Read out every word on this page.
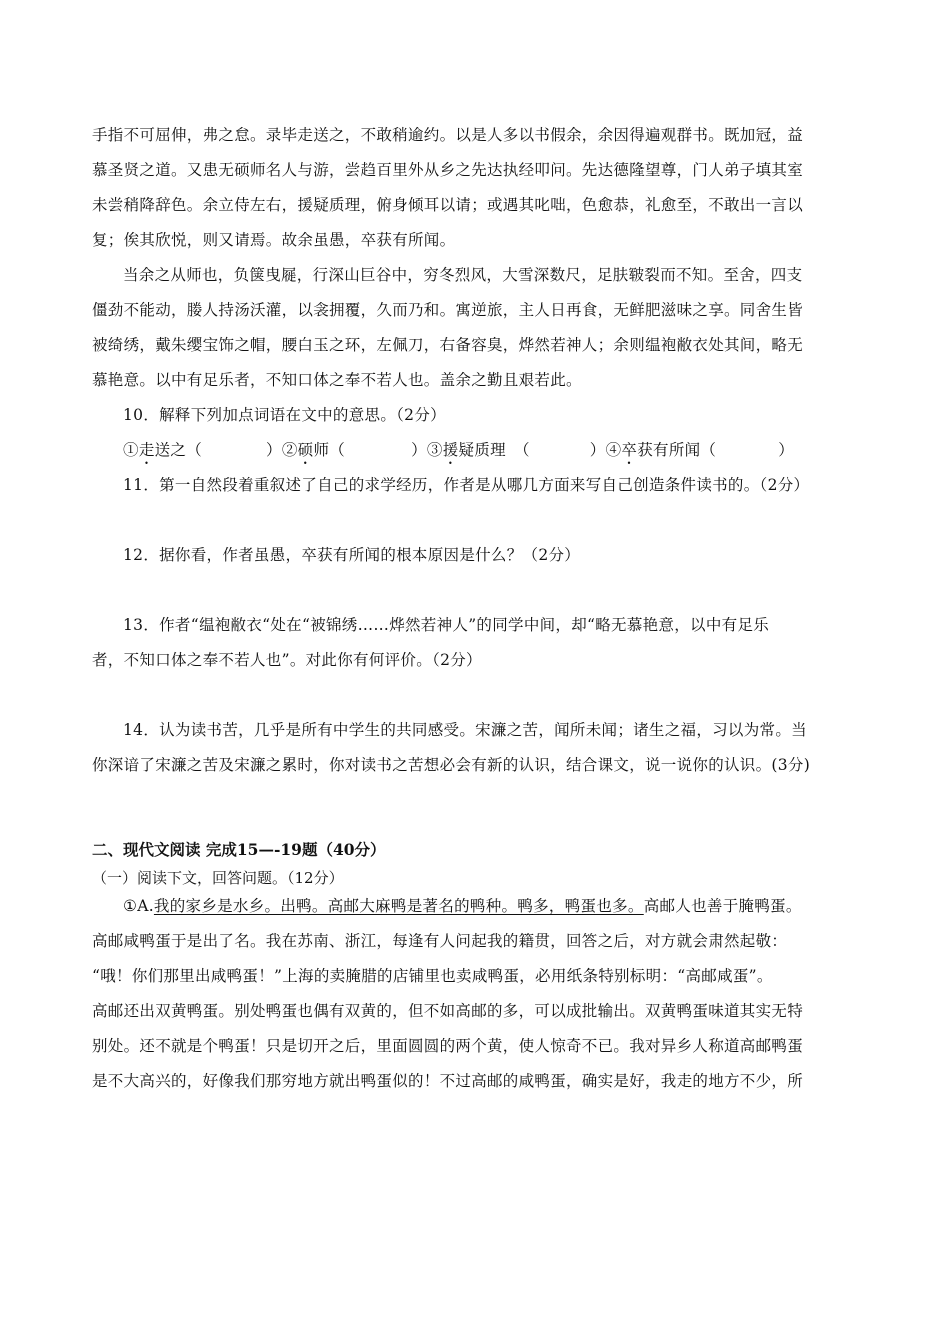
手指不可屈伸，弗之怠。录毕走送之，不敢稍逾约。以是人多以书假余，余因得遍观群书。既加冠，益
慕圣贤之道。又患无硕师名人与游，尝趋百里外从乡之先达执经叩问。先达德隆望尊，门人弟子填其室
未尝稍降辞色。余立侍左右，援疑质理，俯身倾耳以请；或遇其叱咄，色愈恭，礼愈至，不敢出一言以
复；俟其欣悦，则又请焉。故余虽愚，卒获有所闻。
当余之从师也，负箧曳屣，行深山巨谷中，穷冬烈风，大雪深数尺，足肤皲裂而不知。至舍，四支
僵劲不能动，媵人持汤沃灌，以衾拥覆，久而乃和。寓逆旅，主人日再食，无鲜肥滋味之享。同舍生皆
被绮绣，戴朱缨宝饰之帽，腰白玉之环，左佩刀，右备容臭，烨然若神人；余则缊袍敝衣处其间，略无
慕艳意。以中有足乐者，不知口体之奉不若人也。盖余之勤且艰若此。
10．解释下列加点词语在文中的意思。（2分）
①走送之（	）②硕师（	）③援疑质理　（	）④卒获有所闻（	）
11．第一自然段着重叙述了自己的求学经历，作者是从哪几方面来写自己创造条件读书的。（2分）
12．据你看，作者虽愚，卒获有所闻的根本原因是什么？（2分）
13．作者“缊袍敝衣“处在“被锦绣……烨然若神人”的同学中间，却“略无慕艳意，以中有足乐
者，不知口体之奉不若人也”。对此你有何评价。（2分）
14．认为读书苦，几乎是所有中学生的共同感受。宋濂之苦，闻所未闻；诸生之福，习以为常。当
你深谙了宋濂之苦及宋濂之累时，你对读书之苦想必会有新的认识，结合课文，说一说你的认识。(3分)
二、现代文阅读 完成15—-19题（40分）
（一）阅读下文，回答问题。（12分）
①A.我的家乡是水乡。出鸭。高邮大麻鸭是著名的鸭种。鸭多，鸭蛋也多。高邮人也善于腌鸭蛋。
高邮咸鸭蛋于是出了名。我在苏南、浙江，每逢有人问起我的籍贯，回答之后，对方就会肃然起敬：
“哦！你们那里出咸鸭蛋！”上海的卖腌腊的店铺里也卖咸鸭蛋，必用纸条特别标明：“高邮咸蛋”。
高邮还出双黄鸭蛋。别处鸭蛋也偶有双黄的，但不如高邮的多，可以成批输出。双黄鸭蛋味道其实无特
别处。还不就是个鸭蛋！只是切开之后，里面圆圆的两个黄，使人惊奇不已。我对异乡人称道高邮鸭蛋
是不大高兴的，好像我们那穷地方就出鸭蛋似的！不过高邮的咸鸭蛋，确实是好，我走的地方不少，所
